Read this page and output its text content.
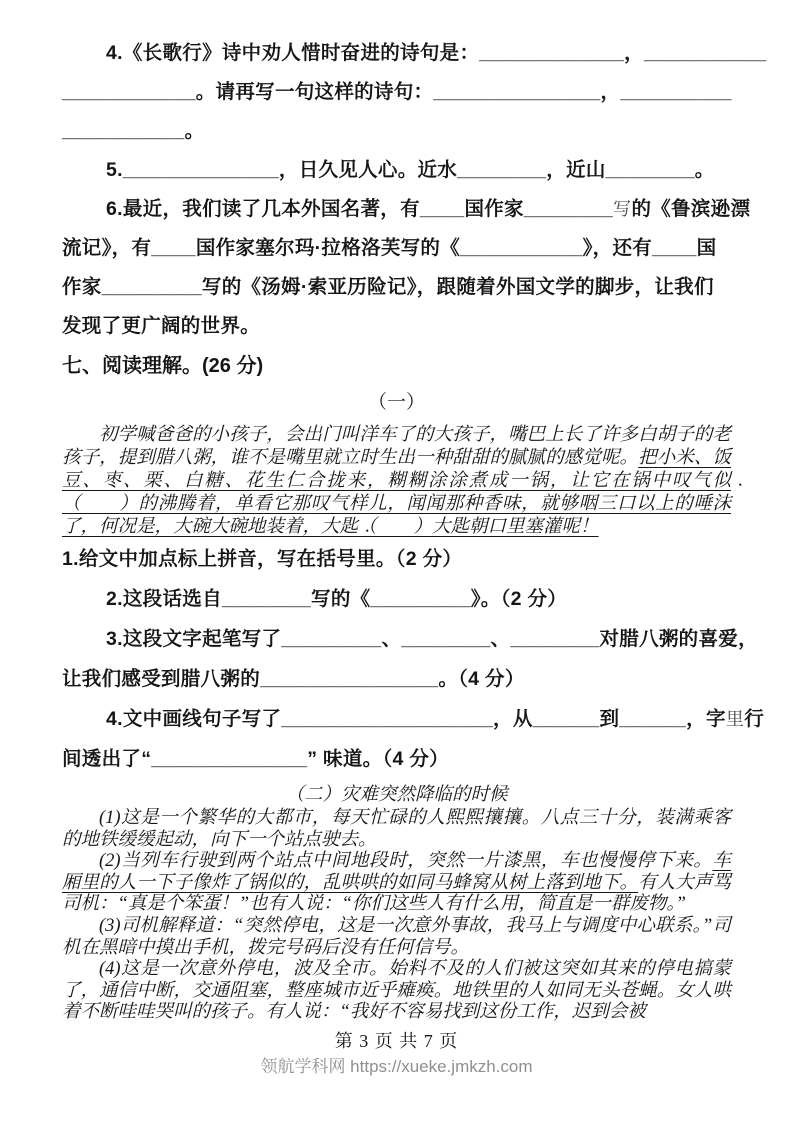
4.《长歌行》诗中劝人惜时奋进的诗句是：_____________，___________
____________。请再写一句这样的诗句：_______________，__________
___________。
5.______________，日久见人心。近水________，近山________。
6.最近，我们读了几本外国名著，有____国作家________写的《鲁滨逊漂
流记》，有____国作家塞尔玛·拉格洛芙写的《___________》，还有____国
作家_________写的《汤姆·索亚历险记》，跟随着外国文学的脚步，让我们
发现了更广阔的世界。
七、阅读理解。(26 分)
（一）
初学喊爸爸的小孩子，会出门叫洋车了的大孩子，嘴巴上长了许多白胡子的老孩子，提到腊八粥，谁不是嘴里就立时生出一种甜甜的腻腻的感觉呢。把小米、饭豆、枣、栗、白糖、花生仁合拢来，糊糊涂涂煮成一锅，让它在锅中叹气似（　　）的沸腾着，单看它那叹气样儿，闻闻那种香味，就够咽三口以上的唾沫了，何况是，大碗大碗地装着，大匙（　　）大匙朝口里塞灌呢！
1.给文中加点标上拼音，写在括号里。（2 分）
2.这段话选自________写的《_________》。（2 分）
3.这段文字起笔写了_________、________、________对腊八粥的喜爱，
让我们感受到腊八粥的________________。（4 分）
4.文中画线句子写了___________________，从______到______，字里行
间透出了“______________” 味道。（4 分）
（二）灾难突然降临的时候

(1)这是一个繁华的大都市，每天忙碌的人熙熙攘攘。八点三十分，装满乘客的地铁缓缓起动，向下一个站点驶去。

(2)当列车行驶到两个站点中间地段时，突然一片漆黑，车也慢慢停下来。车厢里的人一下子像炸了锅似的，乱哄哄的如同马蜂窝从树上落到地下。有人大声骂司机：“真是个笨蛋！”也有人说：“你们这些人有什么用，简直是一群废物。”

(3)司机解释道：“突然停电，这是一次意外事故，我马上与调度中心联系。”司机在黑暗中摸出手机，拨完号码后没有任何信号。

(4)这是一次意外停电，波及全市。始料不及的人们被这突如其来的停电搞蒙了，通信中断，交通阻塞，整座城市近乎瘫痪。地铁里的人如同无头苍蝇。女人哄着不断哇哇哭叫的孩子。有人说：“我好不容易找到这份工作，迟到会被

第 3 页 共 7 页
领航学科网 https://xueke.jmkzh.com
